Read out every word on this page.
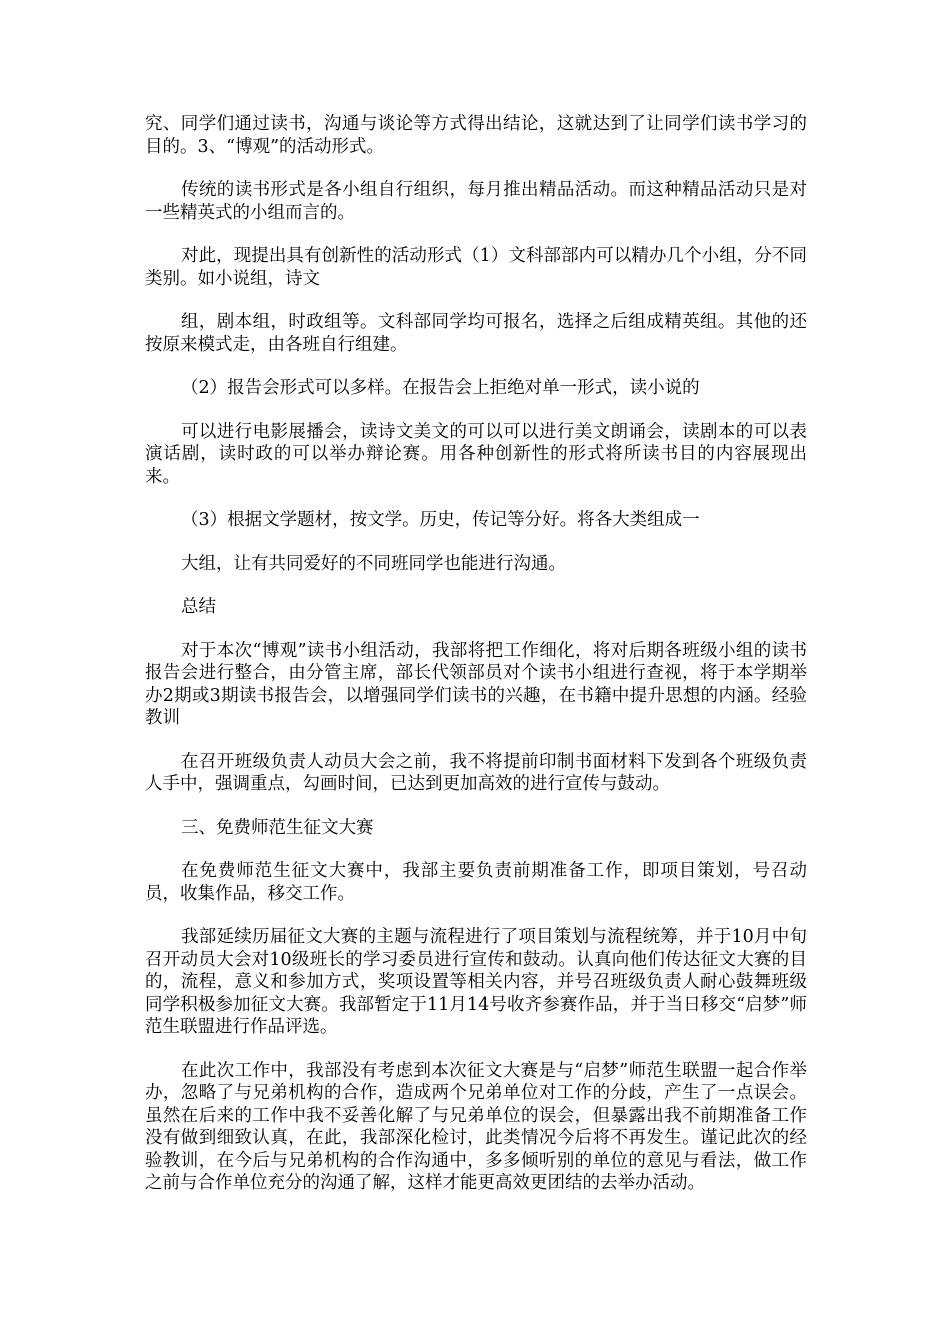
究、同学们通过读书，沟通与谈论等方式得出结论，这就达到了让同学们读书学习的目的。3、“博观”的活动形式。

传统的读书形式是各小组自行组织，每月推出精品活动。而这种精品活动只是对一些精英式的小组而言的。

对此，现提出具有创新性的活动形式（1）文科部部内可以精办几个小组，分不同类别。如小说组，诗文

组，剧本组，时政组等。文科部同学均可报名，选择之后组成精英组。其他的还按原来模式走，由各班自行组建。

（2）报告会形式可以多样。在报告会上拒绝对单一形式，读小说的

可以进行电影展播会，读诗文美文的可以可以进行美文朗诵会，读剧本的可以表演话剧，读时政的可以举办辩论赛。用各种创新性的形式将所读书目的内容展现出来。

（3）根据文学题材，按文学。历史，传记等分好。将各大类组成一

大组，让有共同爱好的不同班同学也能进行沟通。

总结

对于本次“博观”读书小组活动，我部将把工作细化，将对后期各班级小组的读书报告会进行整合，由分管主席，部长代领部员对个读书小组进行查视，将于本学期举办2期或3期读书报告会，以增强同学们读书的兴趣，在书籍中提升思想的内涵。经验教训

在召开班级负责人动员大会之前，我不将提前印制书面材料下发到各个班级负责人手中，强调重点，勾画时间，已达到更加高效的进行宣传与鼓动。

三、免费师范生征文大赛

在免费师范生征文大赛中，我部主要负责前期准备工作，即项目策划，号召动员，收集作品，移交工作。

我部延续历届征文大赛的主题与流程进行了项目策划与流程统筹，并于10月中旬召开动员大会对10级班长的学习委员进行宣传和鼓动。认真向他们传达征文大赛的目的，流程，意义和参加方式，奖项设置等相关内容，并号召班级负责人耐心鼓舞班级同学积极参加征文大赛。我部暂定于11月14号收齐参赛作品，并于当日移交“启梦”师范生联盟进行作品评选。

在此次工作中，我部没有考虑到本次征文大赛是与“启梦”师范生联盟一起合作举办，忽略了与兄弟机构的合作，造成两个兄弟单位对工作的分歧，产生了一点误会。虽然在后来的工作中我不妥善化解了与兄弟单位的误会，但暴露出我不前期准备工作没有做到细致认真，在此，我部深化检讨，此类情况今后将不再发生。谨记此次的经验教训，在今后与兄弟机构的合作沟通中，多多倾听别的单位的意见与看法，做工作之前与合作单位充分的沟通了解，这样才能更高效更团结的去举办活动。
